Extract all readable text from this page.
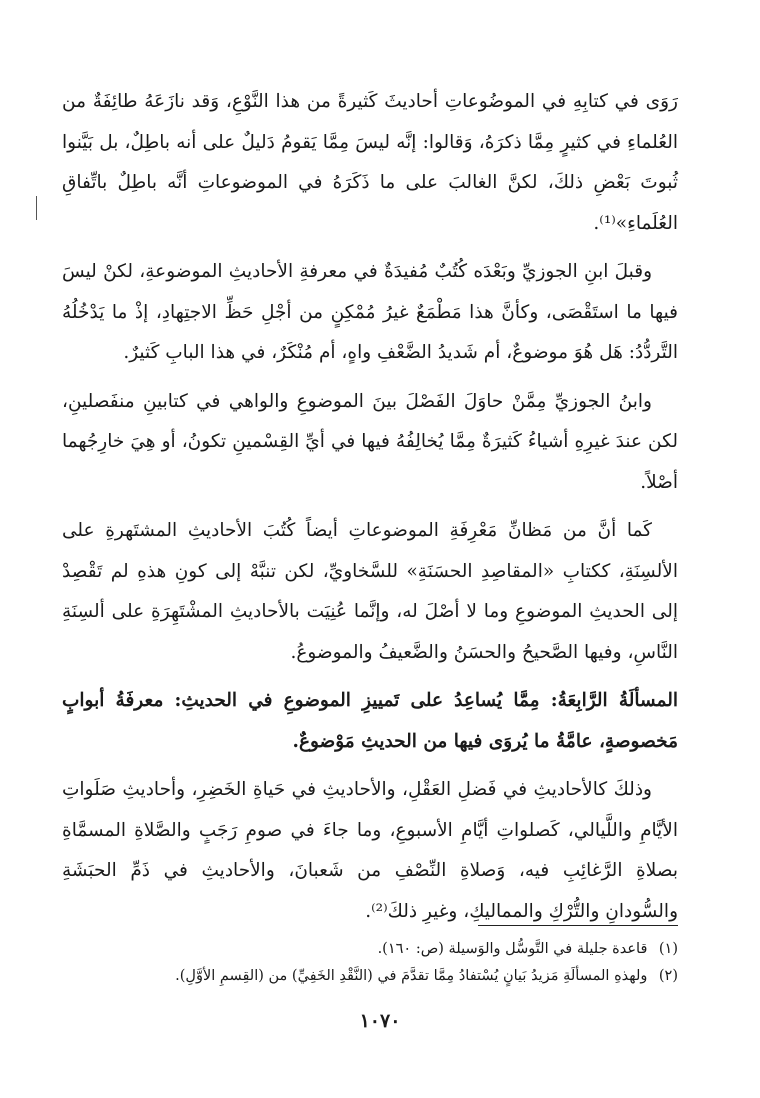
رَوَى في كتابِهِ في الموضُوعاتِ أحاديثَ كَثيرةً من هذا النَّوْعِ، وَقد نازَعَهُ طائِفَةٌ من العُلماءِ في كثيرٍ مِمَّا ذكرَهُ، وَقالوا: إنَّه ليسَ مِمَّا يَقومُ دَليلٌ على أنه باطِلٌ، بل بَيَّنوا ثُبوتَ بَعْضِ ذلكَ، لكنَّ الغالبَ على ما ذَكَرَهُ في الموضوعاتِ أنَّه باطِلٌ باتِّفاقِ العُلَماءِ»⁽¹⁾.

وقبلَ ابنِ الجوزيِّ وبَعْدَه كُتُبٌ مُفيدَةٌ في معرفةِ الأحاديثِ الموضوعةِ، لكنْ ليسَ فيها ما استَقْصَى، وكأنَّ هذا مَطْمَعٌ غيرُ مُمْكِنٍ من أجْلِ حَظِّ الاجتِهادِ، إذْ ما يَدْخُلُهُ التَّردُّدُ: هَل هُوَ موضوعٌ، أم شَديدُ الضَّعْفِ واهٍ، أم مُنْكَرٌ، في هذا البابِ كَثيرٌ.

وابنُ الجوزيِّ مِمَّنْ حاوَلَ الفَصْلَ بينَ الموضوعِ والواهي في كتابينِ منفَصلينِ، لكن عندَ غيرِهِ أشياءُ كَثيرَةٌ مِمَّا يُخالِفُهُ فيها في أيِّ القِسْمينِ تكونُ، أو هِيَ خارِجُهما أصْلاً.

كَما أنَّ من مَظانِّ مَعْرِفَةِ الموضوعاتِ أيضاً كُتُبَ الأحاديثِ المشتَهرةِ على الألسِنَةِ، ككتابِ «المقاصِدِ الحسَنَةِ» للسَّخاويِّ، لكن تنبَّهْ إلى كونِ هذهِ لم تَقْصِدْ إلى الحديثِ الموضوعِ وما لا أصْلَ له، وإنَّما عُنِيَت بالأحاديثِ المشْتَهِرَةِ على ألسِنَةِ النَّاسِ، وفيها الصَّحيحُ والحسَنُ والضَّعيفُ والموضوعُ.

المسألَةُ الرَّابِعَةُ: مِمَّا يُساعِدُ على تَمييزِ الموضوعِ في الحديثِ: معرفَةُ أبوابٍ مَخصوصةٍ، عامَّةُ ما يُروَى فيها من الحديثِ مَوْضوعٌ.

وذلكَ كالأحاديثِ في فَضلِ العَقْلِ، والأحاديثِ في حَياةِ الخَضِرِ، وأحاديثِ صَلَواتِ الأيَّامِ واللَّيالي، كَصلواتِ أيَّامِ الأسبوعِ، وما جاءَ في صومِ رَجَبٍ والصَّلاةِ المسمَّاةِ بصلاةِ الرَّغائِبِ فيه، وَصلاةِ النِّصْفِ من شَعبانَ، والأحاديثِ في ذَمِّ الحبَشَةِ والسُّودانِ والتُّرْكِ والمماليكِ، وغيرِ ذلكَ⁽²⁾.

(١) قاعدة جليلة في التَّوسُّل والوَسيلة (ص: ١٦٠).
(٢) ولهذهِ المسألَةِ مَزيدُ بَيانٍ يُسْتفادُ مِمَّا تقدَّمَ في (النَّقْدِ الخَفِيِّ) من (القِسمِ الأوَّلِ).
١٠٧٠
